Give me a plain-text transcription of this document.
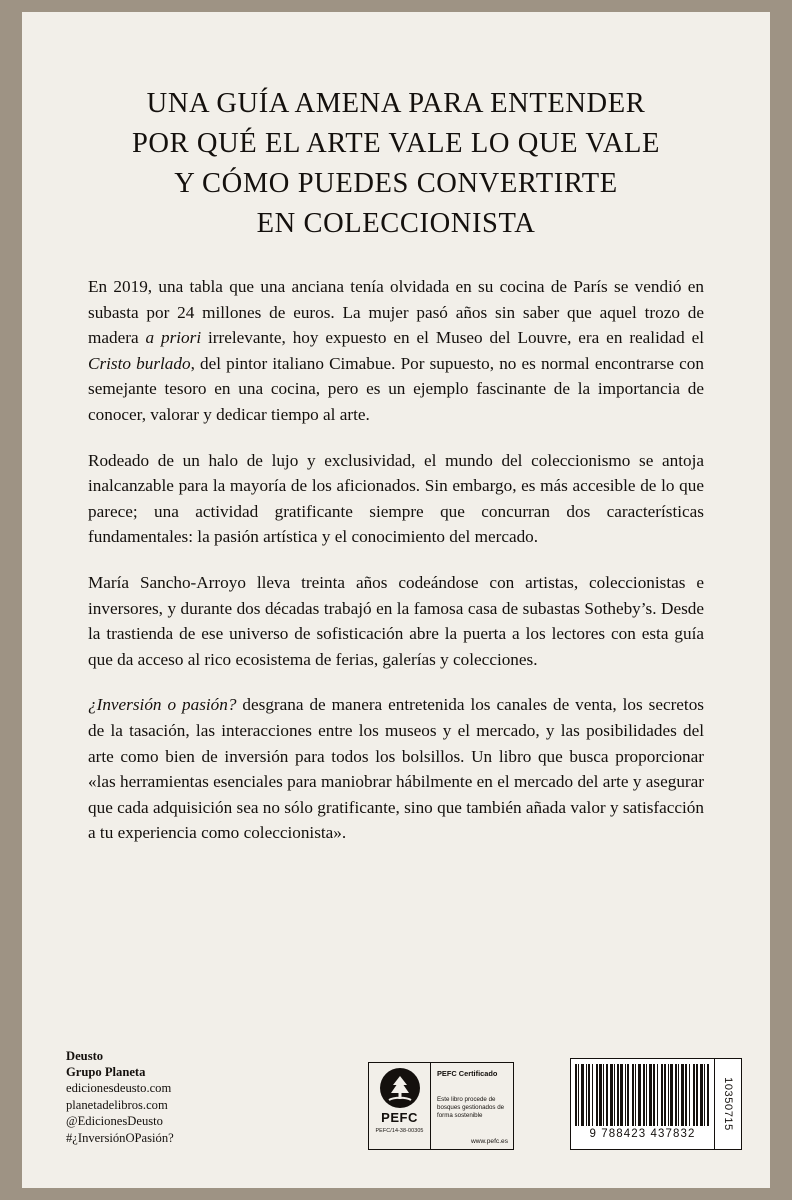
UNA GUÍA AMENA PARA ENTENDER
POR QUÉ EL ARTE VALE LO QUE VALE
Y CÓMO PUEDES CONVERTIRTE
EN COLECCIONISTA

En 2019, una tabla que una anciana tenía olvidada en su cocina de París se vendió en subasta por 24 millones de euros. La mujer pasó años sin saber que aquel trozo de madera a priori irrelevante, hoy expuesto en el Museo del Louvre, era en realidad el Cristo burlado, del pintor italiano Cimabue. Por supuesto, no es normal encontrarse con semejante tesoro en una cocina, pero es un ejemplo fascinante de la importancia de conocer, valorar y dedicar tiempo al arte.

Rodeado de un halo de lujo y exclusividad, el mundo del coleccionismo se antoja inalcanzable para la mayoría de los aficionados. Sin embargo, es más accesible de lo que parece; una actividad gratificante siempre que concurran dos características fundamentales: la pasión artística y el conocimiento del mercado.

María Sancho-Arroyo lleva treinta años codeándose con artistas, coleccionistas e inversores, y durante dos décadas trabajó en la famosa casa de subastas Sotheby’s. Desde la trastienda de ese universo de sofisticación abre la puerta a los lectores con esta guía que da acceso al rico ecosistema de ferias, galerías y colecciones.

¿Inversión o pasión? desgrana de manera entretenida los canales de venta, los secretos de la tasación, las interacciones entre los museos y el mercado, y las posibilidades del arte como bien de inversión para todos los bolsillos. Un libro que busca proporcionar «las herramientas esenciales para maniobrar hábilmente en el mercado del arte y asegurar que cada adquisición sea no sólo gratificante, sino que también añada valor y satisfacción a tu experiencia como coleccionista».

Deusto
Grupo Planeta
edicionesdeusto.com
planetadelibros.com
@EdicionesDeusto
#¿InversiónOPasión?
PEFC
PEFC/14-38-00305
PEFC Certificado
Este libro procede de bosques gestionados de forma sostenible
www.pefc.es
9 788423 437832
10350715
